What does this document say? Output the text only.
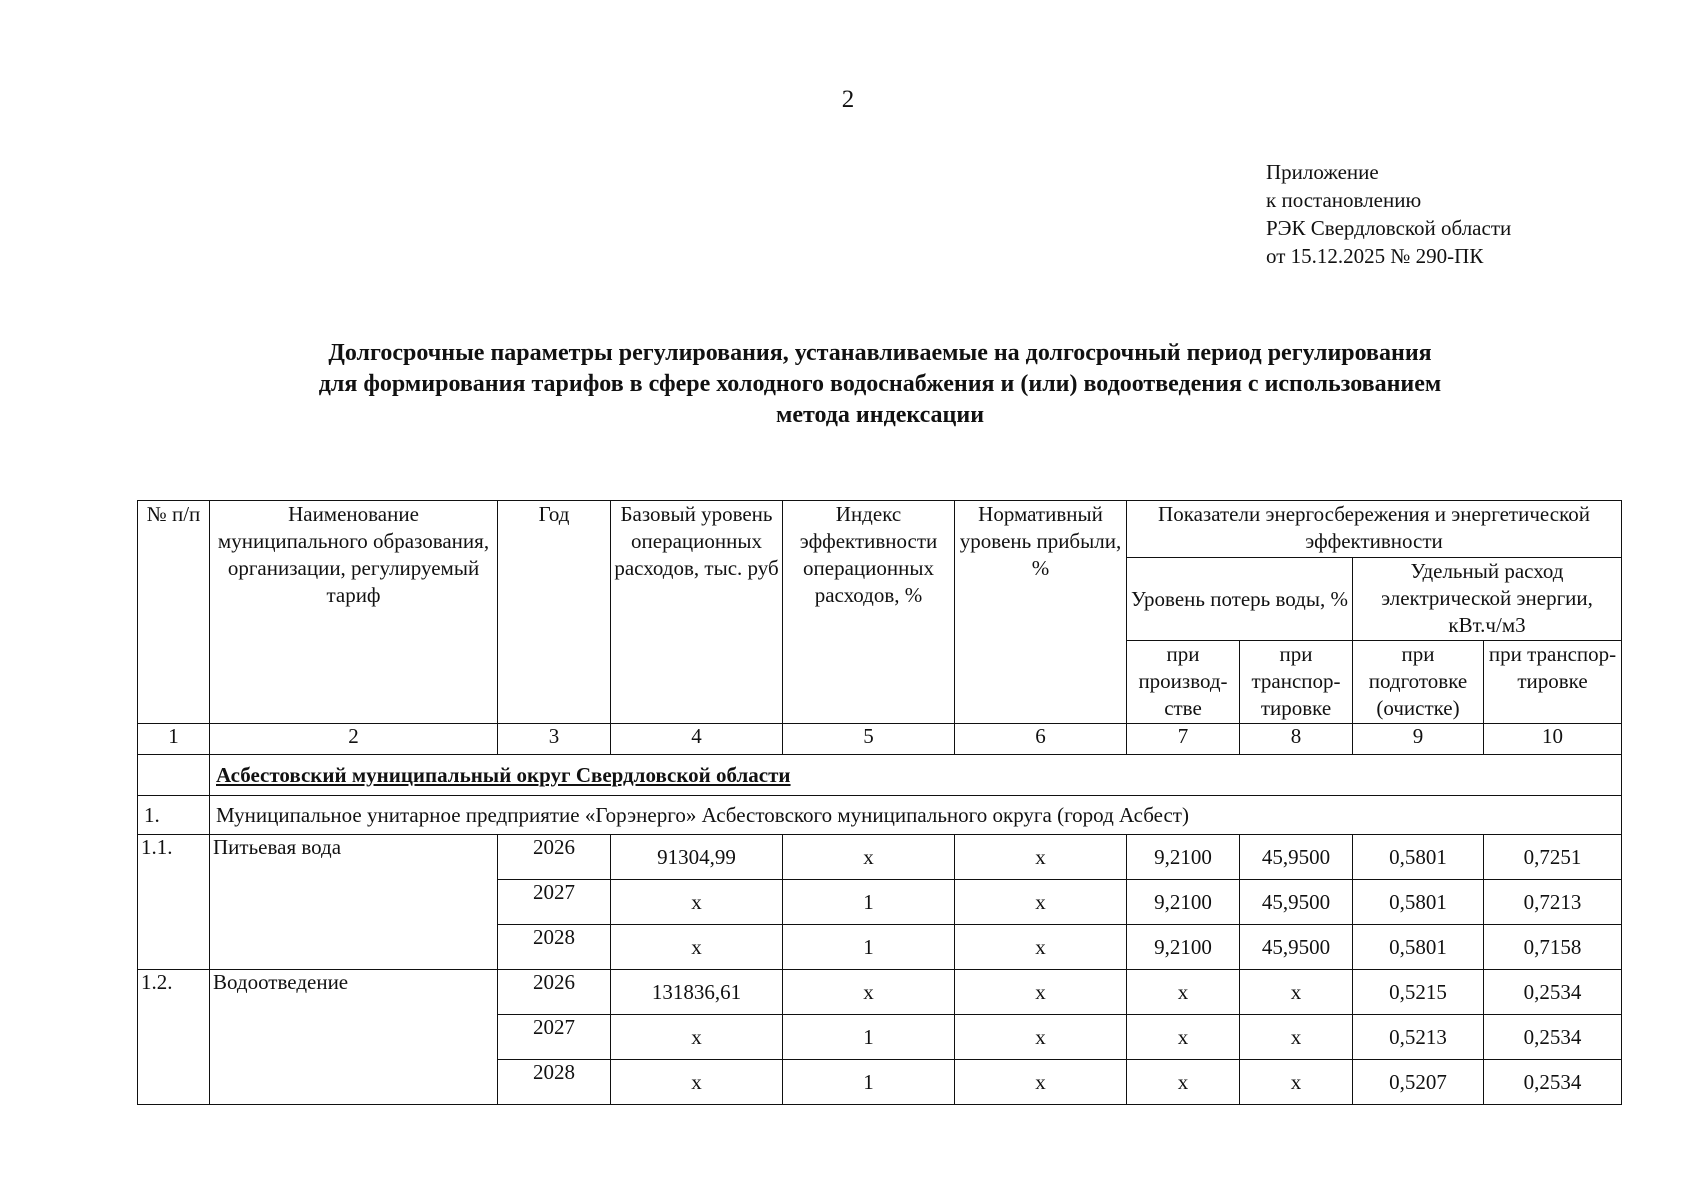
2
Приложение
к постановлению
РЭК Свердловской области
от 15.12.2025 № 290-ПК
Долгосрочные параметры регулирования, устанавливаемые на долгосрочный период регулирования
для формирования тарифов в сфере холодного водоснабжения и (или) водоотведения с использованием
метода индексации
№ п/п	Наименование муниципального образования, организации, регулируемый тариф	Год	Базовый уровень операционных расходов, тыс. руб	Индекс эффективности операционных расходов, %	Нормативный уровень прибыли, %	Показатели энергосбережения и энергетической эффективности			
						Уровень потерь воды, %		Удельный расход электрической энергии, кВт.ч/м3	
						при производ-стве	при транспор-тировке	при подготовке (очистке)	при транспор-тировке
1	2	3	4	5	6	7	8	9	10
	Асбестовский муниципальный округ Свердловской области								
1.	Муниципальное унитарное предприятие «Горэнерго» Асбестовского муниципального округа (город Асбест)								
1.1.	Питьевая вода	2026	91304,99	x	x	9,2100	45,9500	0,5801	0,7251
		2027	x	1	x	9,2100	45,9500	0,5801	0,7213
		2028	x	1	x	9,2100	45,9500	0,5801	0,7158
1.2.	Водоотведение	2026	131836,61	x	x	x	x	0,5215	0,2534
		2027	x	1	x	x	x	0,5213	0,2534
		2028	x	1	x	x	x	0,5207	0,2534
